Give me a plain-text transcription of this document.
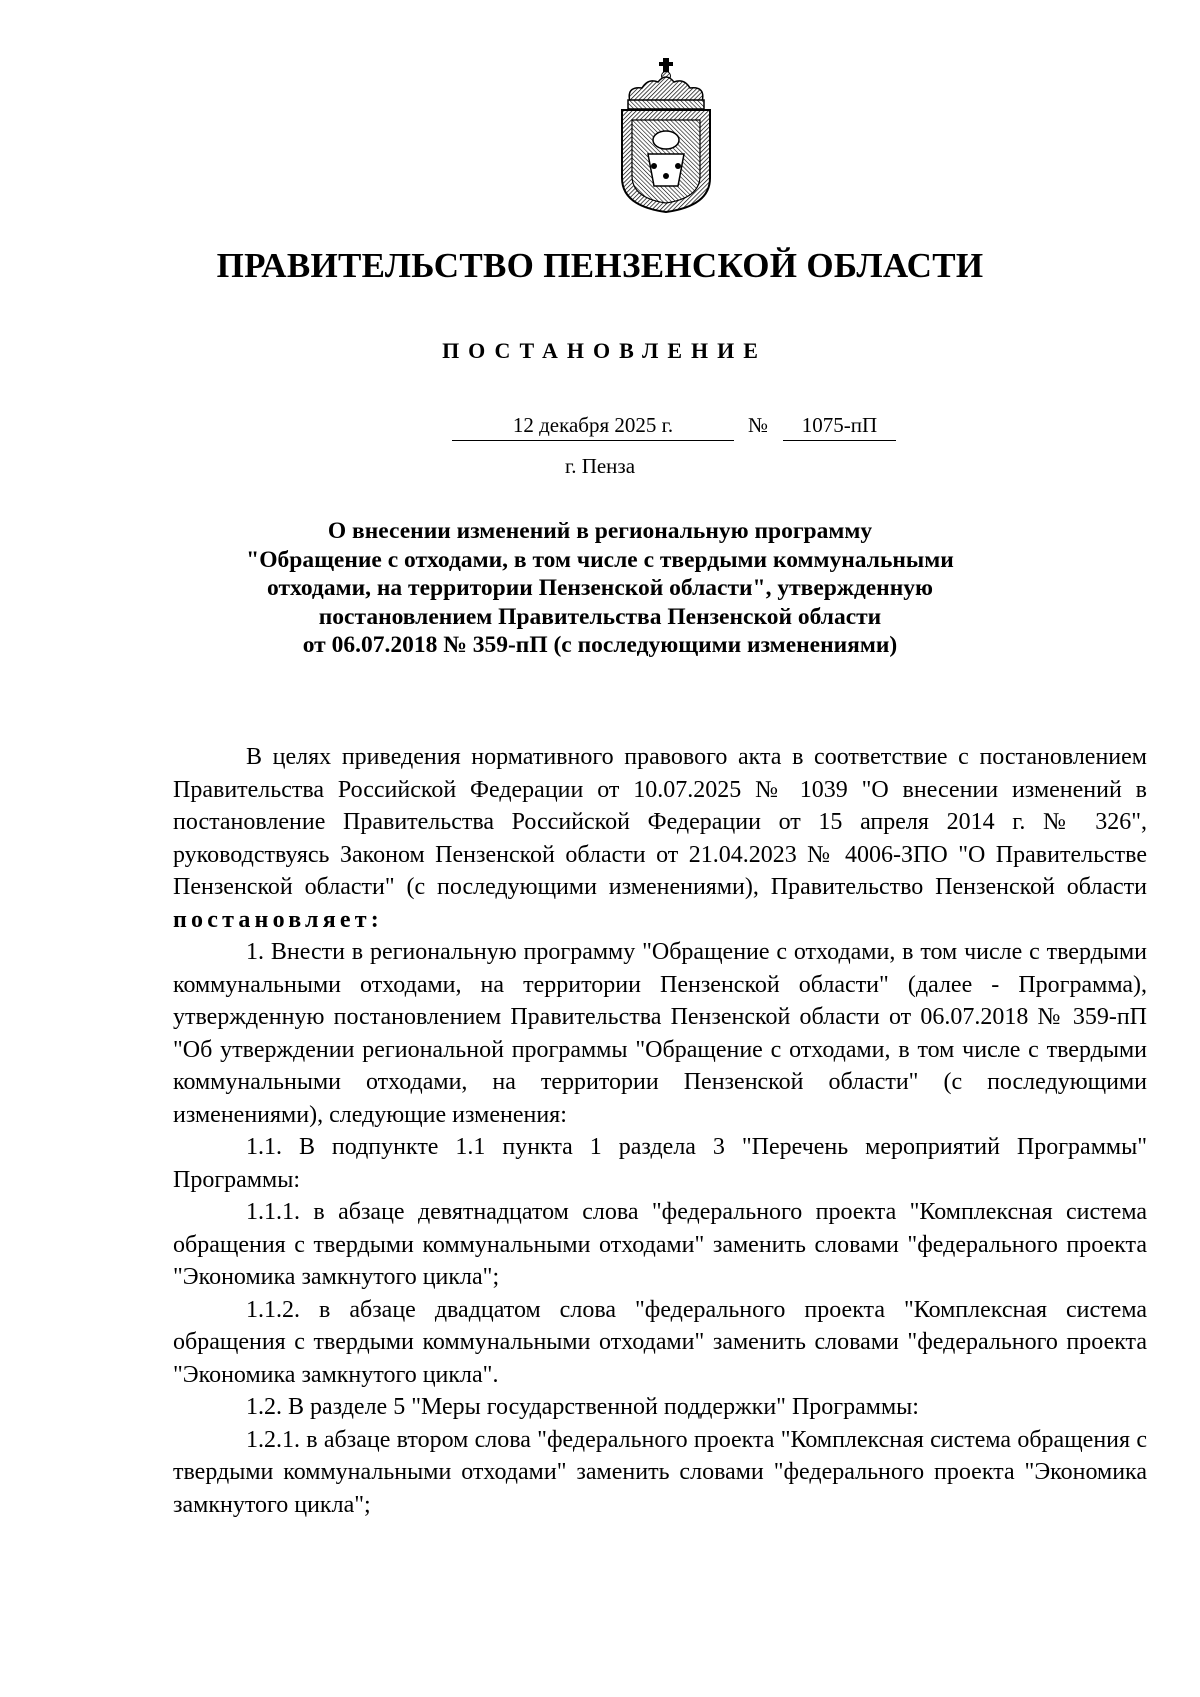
ПРАВИТЕЛЬСТВО ПЕНЗЕНСКОЙ ОБЛАСТИ
ПОСТАНОВЛЕНИЕ
12 декабря 2025 г.	№	1075-пП
г. Пенза
О внесении изменений в региональную программу
"Обращение с отходами, в том числе с твердыми коммунальными
отходами, на территории Пензенской области", утвержденную
постановлением Правительства Пензенской области
от 06.07.2018 № 359-пП (с последующими изменениями)

В целях приведения нормативного правового акта в соответствие с постановлением Правительства Российской Федерации от 10.07.2025 № 1039 "О внесении изменений в постановление Правительства Российской Федерации от 15 апреля 2014 г. № 326", руководствуясь Законом Пензенской области от 21.04.2023 № 4006-ЗПО "О Правительстве Пензенской области" (с последующими изменениями), Правительство Пензенской области

постановляет:

1. Внести в региональную программу "Обращение с отходами, в том числе с твердыми коммунальными отходами, на территории Пензенской области" (далее - Программа), утвержденную постановлением Правительства Пензенской области от 06.07.2018 № 359-пП "Об утверждении региональной программы "Обращение с отходами, в том числе с твердыми коммунальными отходами, на территории Пензенской области" (с последующими изменениями), следующие изменения:

1.1. В подпункте 1.1 пункта 1 раздела 3 "Перечень мероприятий Программы" Программы:

1.1.1. в абзаце девятнадцатом слова "федерального проекта "Комплексная система обращения с твердыми коммунальными отходами" заменить словами "федерального проекта "Экономика замкнутого цикла";

1.1.2. в абзаце двадцатом слова "федерального проекта "Комплексная система обращения с твердыми коммунальными отходами" заменить словами "федерального проекта "Экономика замкнутого цикла".

1.2. В разделе 5 "Меры государственной поддержки" Программы:

1.2.1. в абзаце втором слова "федерального проекта "Комплексная система обращения с твердыми коммунальными отходами" заменить словами "федерального проекта "Экономика замкнутого цикла";
